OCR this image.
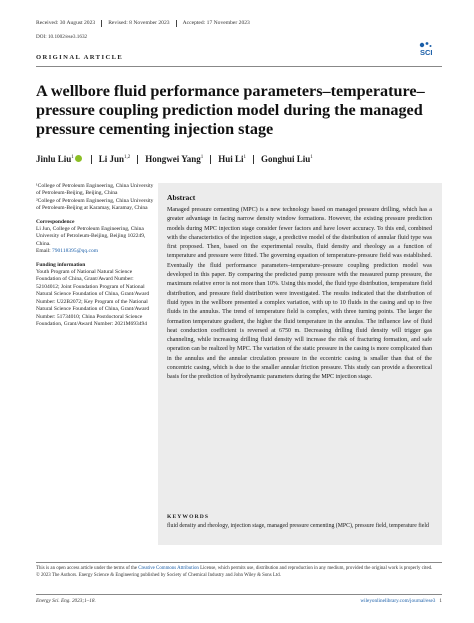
Received: 30 August 2023 Revised: 8 November 2023 Accepted: 17 November 2023
DOI: 10.1002/ese3.1632
SCI
ORIGINAL ARTICLE
A wellbore fluid performance parameters–temperature–pressure coupling prediction model during the managed pressure cementing injection stage
Jinlu Liu$^1$	Li Jun$^{1,2}$ Hongwei Yang$^1$ Hui Li$^1$ Gonghui Liu$^1$
¹College of Petroleum Engineering, China University of Petroleum-Beijing, Beijing, China
²College of Petroleum Engineering, China University of Petroleum-Beijing at Karamay, Karamay, China
Correspondence
Li Jun, College of Petroleum Engineering, China University of Petroleum-Beijing, Beijing 102249, China.
Email: 790118395@qq.com
Funding information
Youth Program of National Natural Science Foundation of China, Grant/Award Number: 52104012; Joint Foundation Program of National Natural Science Foundation of China, Grant/Award Number: U22B2072; Key Program of the National Natural Science Foundation of China, Grant/Award Number: 51734010; China Postdoctoral Science Foundation, Grant/Award Number: 2021M693494
Abstract
Managed pressure cementing (MPC) is a new technology based on managed pressure drilling, which has a greater advantage in facing narrow density window formations. However, the existing pressure prediction models during MPC injection stage consider fewer factors and have lower accuracy. To this end, combined with the characteristics of the injection stage, a predictive model of the distribution of annular fluid type was first proposed. Then, based on the experimental results, fluid density and rheology as a function of temperature and pressure were fitted. The governing equation of temperature-pressure field was established. Eventually the fluid performance parameters–temperature–pressure coupling prediction model was developed in this paper. By comparing the predicted pump pressure with the measured pump pressure, the maximum relative error is not more than 10%. Using this model, the fluid type distribution, temperature field distribution, and pressure field distribution were investigated. The results indicated that the distribution of fluid types in the wellbore presented a complex variation, with up to 10 fluids in the casing and up to five fluids in the annulus. The trend of temperature field is complex, with three turning points. The larger the formation temperature gradient, the higher the fluid temperature in the annulus. The influence law of fluid heat conduction coefficient is reversed at 6750 m. Decreasing drilling fluid density will trigger gas channeling, while increasing drilling fluid density will increase the risk of fracturing formation, and safe operation can be realized by MPC. The variation of the static pressure in the casing is more complicated than in the annulus and the annular circulation pressure in the eccentric casing is smaller than that of the concentric casing, which is due to the smaller annular friction pressure. This study can provide a theoretical basis for the prediction of hydrodynamic parameters during the MPC injection stage.
KEYWORDS
fluid density and rheology, injection stage, managed pressure cementing (MPC), pressure field, temperature field
This is an open access article under the terms of the Creative Commons Attribution License, which permits use, distribution and reproduction in any medium, provided the original work is properly cited.
© 2023 The Authors. Energy Science & Engineering published by Society of Chemical Industry and John Wiley & Sons Ltd.
Energy Sci. Eng. 2023;1–18.	wileyonlinelibrary.com/journal/ese3 1
